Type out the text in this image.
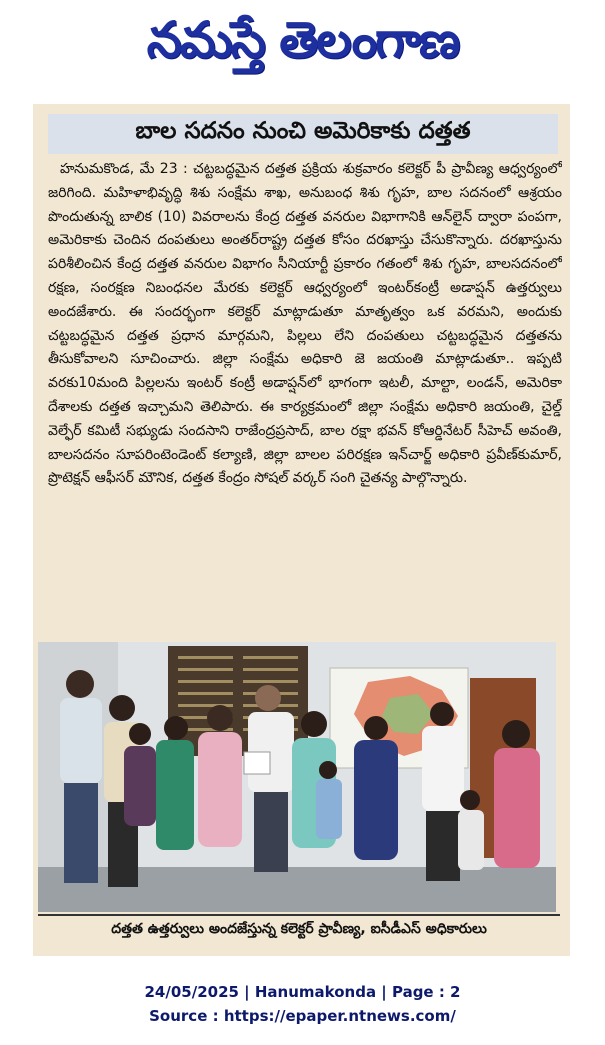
నమస్తే తెలంగాణ
బాల సదనం నుంచి అమెరికాకు దత్తత

హనుమకొండ, మే 23 : చట్టబద్ధమైన దత్తత ప్రక్రియ శుక్రవారం కలెక్టర్ పీ ప్రావీణ్య ఆధ్వర్యంలో జరిగింది. మహిళాభివృద్ధి శిశు సంక్షేమ శాఖ, అనుబంధ శిశు గృహ, బాల సదనంలో ఆశ్రయం పొందుతున్న బాలిక (10) వివరాలను కేంద్ర దత్తత వనరుల విభాగానికి ఆన్‌లైన్ ద్వారా పంపగా, అమెరికాకు చెందిన దంపతులు అంతర్‌రాష్ట్ర దత్తత కోసం దరఖాస్తు చేసుకొన్నారు. దరఖాస్తును పరిశీలించిన కేంద్ర దత్తత వనరుల విభాగం సీనియార్టీ ప్రకారం గతంలో శిశు గృహ, బాలసదనంలో రక్షణ, సంరక్షణ నిబంధనల మేరకు కలెక్టర్ ఆధ్వర్యంలో ఇంటర్‌కంట్రీ అడాప్షన్ ఉత్తర్వులు అందజేశారు. ఈ సందర్భంగా కలెక్టర్ మాట్లాడుతూ మాతృత్వం ఒక వరమని, అందుకు చట్టబద్ధమైన దత్తత ప్రధాన మార్గమని, పిల్లలు లేని దంపతులు చట్టబద్ధమైన దత్తతను తీసుకోవాలని సూచించారు. జిల్లా సంక్షేమ అధికారి జె జయంతి మాట్లాడుతూ.. ఇప్పటి వరకు10మంది పిల్లలను ఇంటర్ కంట్రీ అడాప్షన్‌లో భాగంగా ఇటలీ, మాల్టా, లండన్, అమెరికా దేశాలకు దత్తత ఇచ్చామని తెలిపారు. ఈ కార్యక్రమంలో జిల్లా సంక్షేమ అధికారి జయంతి, చైల్డ్ వెల్ఫేర్ కమిటీ సభ్యుడు సందసాని రాజేంద్రప్రసాద్, బాల రక్షా భవన్ కోఆర్డినేటర్ సీహెచ్ అవంతి, బాలసదనం సూపరింటెండెంట్ కల్యాణి, జిల్లా బాలల పరిరక్షణ ఇన్‌చార్జ్ అధికారి ప్రవీణ్‌కుమార్, ప్రొటెక్షన్ ఆఫీసర్ మౌనిక, దత్తత కేంద్రం సోషల్ వర్కర్ సంగి చైతన్య పాల్గొన్నారు.

దత్తత ఉత్తర్వులు అందజేస్తున్న కలెక్టర్ ప్రావీణ్య, ఐసీడీఎస్ అధికారులు
24/05/2025 | Hanumakonda | Page : 2
Source : https://epaper.ntnews.com/
